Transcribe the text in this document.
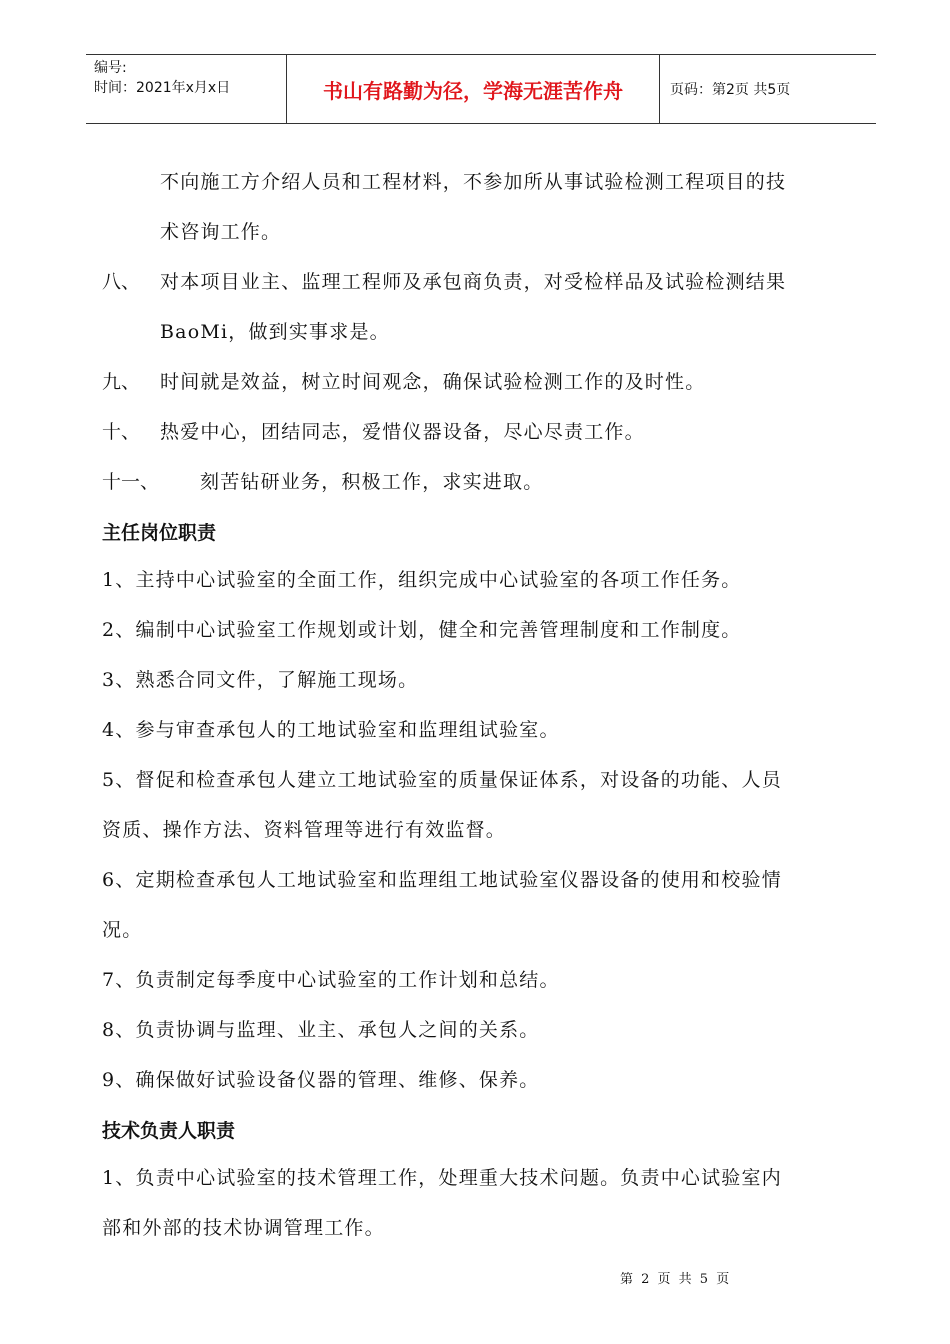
编号:
时间：2021年x月x日	书山有路勤为径，学海无涯苦作舟	页码：第2页 共5页
不向施工方介绍人员和工程材料，不参加所从事试验检测工程项目的技
术咨询工作。
八、 对本项目业主、监理工程师及承包商负责，对受检样品及试验检测结果
BaoMi，做到实事求是。
九、 时间就是效益，树立时间观念，确保试验检测工作的及时性。
十、 热爱中心，团结同志，爱惜仪器设备，尽心尽责工作。
十一、 刻苦钻研业务，积极工作，求实进取。
主任岗位职责
1、主持中心试验室的全面工作，组织完成中心试验室的各项工作任务。
2、编制中心试验室工作规划或计划，健全和完善管理制度和工作制度。
3、熟悉合同文件，了解施工现场。
4、参与审查承包人的工地试验室和监理组试验室。
5、督促和检查承包人建立工地试验室的质量保证体系，对设备的功能、人员
资质、操作方法、资料管理等进行有效监督。
6、定期检查承包人工地试验室和监理组工地试验室仪器设备的使用和校验情
况。
7、负责制定每季度中心试验室的工作计划和总结。
8、负责协调与监理、业主、承包人之间的关系。
9、确保做好试验设备仪器的管理、维修、保养。
技术负责人职责
1、负责中心试验室的技术管理工作，处理重大技术问题。负责中心试验室内
部和外部的技术协调管理工作。
第 2 页 共 5 页
